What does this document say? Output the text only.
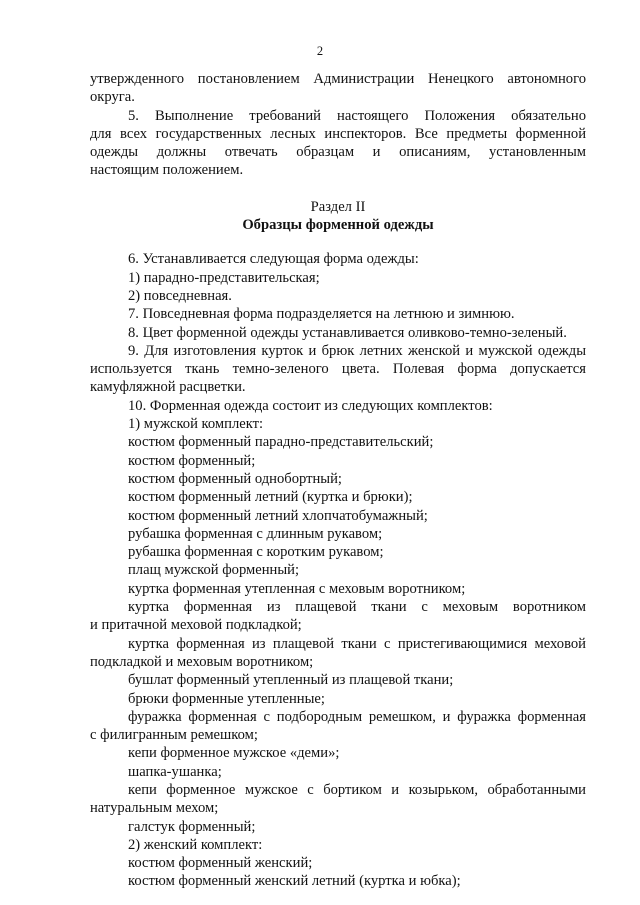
2
утвержденного постановлением Администрации Ненецкого автономного
округа.
5. Выполнение требований настоящего Положения обязательно
для всех государственных лесных инспекторов. Все предметы форменной
одежды должны отвечать образцам и описаниям, установленным
настоящим положением.
Раздел II
Образцы форменной одежды
6. Устанавливается следующая форма одежды:
1) парадно-представительская;
2) повседневная.
7. Повседневная форма подразделяется на летнюю и зимнюю.
8. Цвет форменной одежды устанавливается оливково-темно-зеленый.
9. Для изготовления курток и брюк летних женской и мужской одежды
используется ткань темно-зеленого цвета. Полевая форма допускается
камуфляжной расцветки.
10. Форменная одежда состоит из следующих комплектов:
1) мужской комплект:
костюм форменный парадно-представительский;
костюм форменный;
костюм форменный однобортный;
костюм форменный летний (куртка и брюки);
костюм форменный летний хлопчатобумажный;
рубашка форменная с длинным рукавом;
рубашка форменная с коротким рукавом;
плащ мужской форменный;
куртка форменная утепленная с меховым воротником;
куртка форменная из плащевой ткани с меховым воротником
и притачной меховой подкладкой;
куртка форменная из плащевой ткани с пристегивающимися меховой
подкладкой и меховым воротником;
бушлат форменный утепленный из плащевой ткани;
брюки форменные утепленные;
фуражка форменная с подбородным ремешком, и фуражка форменная
с филигранным ремешком;
кепи форменное мужское «деми»;
шапка-ушанка;
кепи форменное мужское с бортиком и козырьком, обработанными
натуральным мехом;
галстук форменный;
2) женский комплект:
костюм форменный женский;
костюм форменный женский летний (куртка и юбка);
